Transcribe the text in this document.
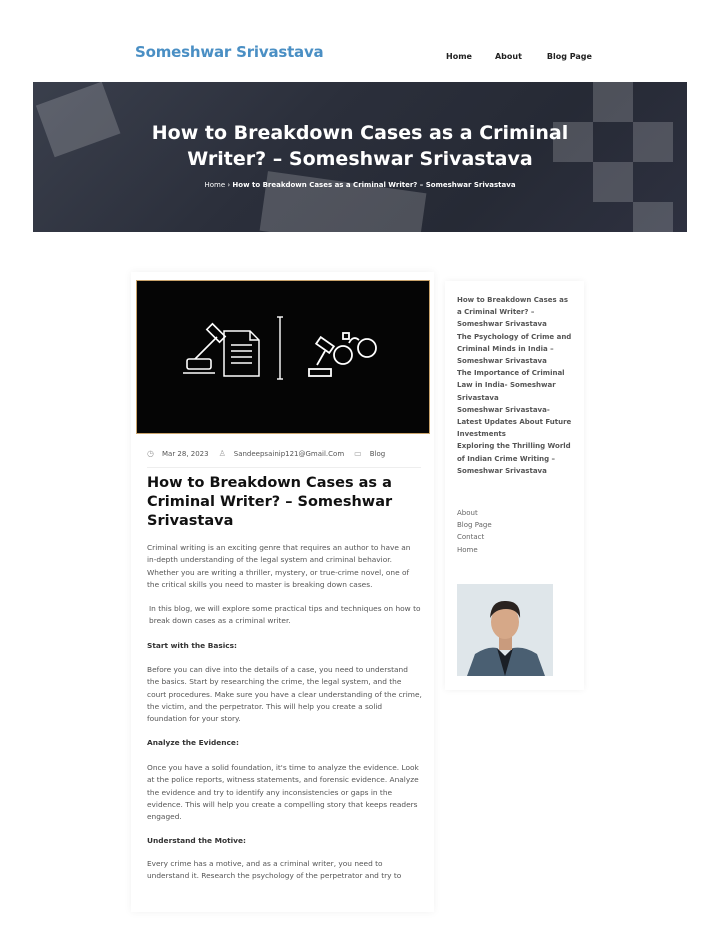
Someshwar Srivastava	Home	About	Blog Page
How to Breakdown Cases as a Criminal Writer? – Someshwar Srivastava
Home › How to Breakdown Cases as a Criminal Writer? – Someshwar Srivastava
◷ Mar 28, 2023 ♙ Sandeepsainip121@Gmail.Com ▭ Blog
How to Breakdown Cases as a Criminal Writer? – Someshwar Srivastava
Criminal writing is an exciting genre that requires an author to have an in-depth understanding of the legal system and criminal behavior. Whether you are writing a thriller, mystery, or true-crime novel, one of the critical skills you need to master is breaking down cases.
In this blog, we will explore some practical tips and techniques on how to break down cases as a criminal writer.
Start with the Basics:
Before you can dive into the details of a case, you need to understand the basics. Start by researching the crime, the legal system, and the court procedures. Make sure you have a clear understanding of the crime, the victim, and the perpetrator. This will help you create a solid foundation for your story.
Analyze the Evidence:
Once you have a solid foundation, it's time to analyze the evidence. Look at the police reports, witness statements, and forensic evidence. Analyze the evidence and try to identify any inconsistencies or gaps in the evidence. This will help you create a compelling story that keeps readers engaged.
Understand the Motive:
Every crime has a motive, and as a criminal writer, you need to understand it. Research the psychology of the perpetrator and try to
How to Breakdown Cases as a Criminal Writer? – Someshwar Srivastava
The Psychology of Crime and Criminal Minds in India – Someshwar Srivastava
The Importance of Criminal Law in India- Someshwar Srivastava
Someshwar Srivastava- Latest Updates About Future Investments
Exploring the Thrilling World of Indian Crime Writing – Someshwar Srivastava
About
Blog Page
Contact
Home
